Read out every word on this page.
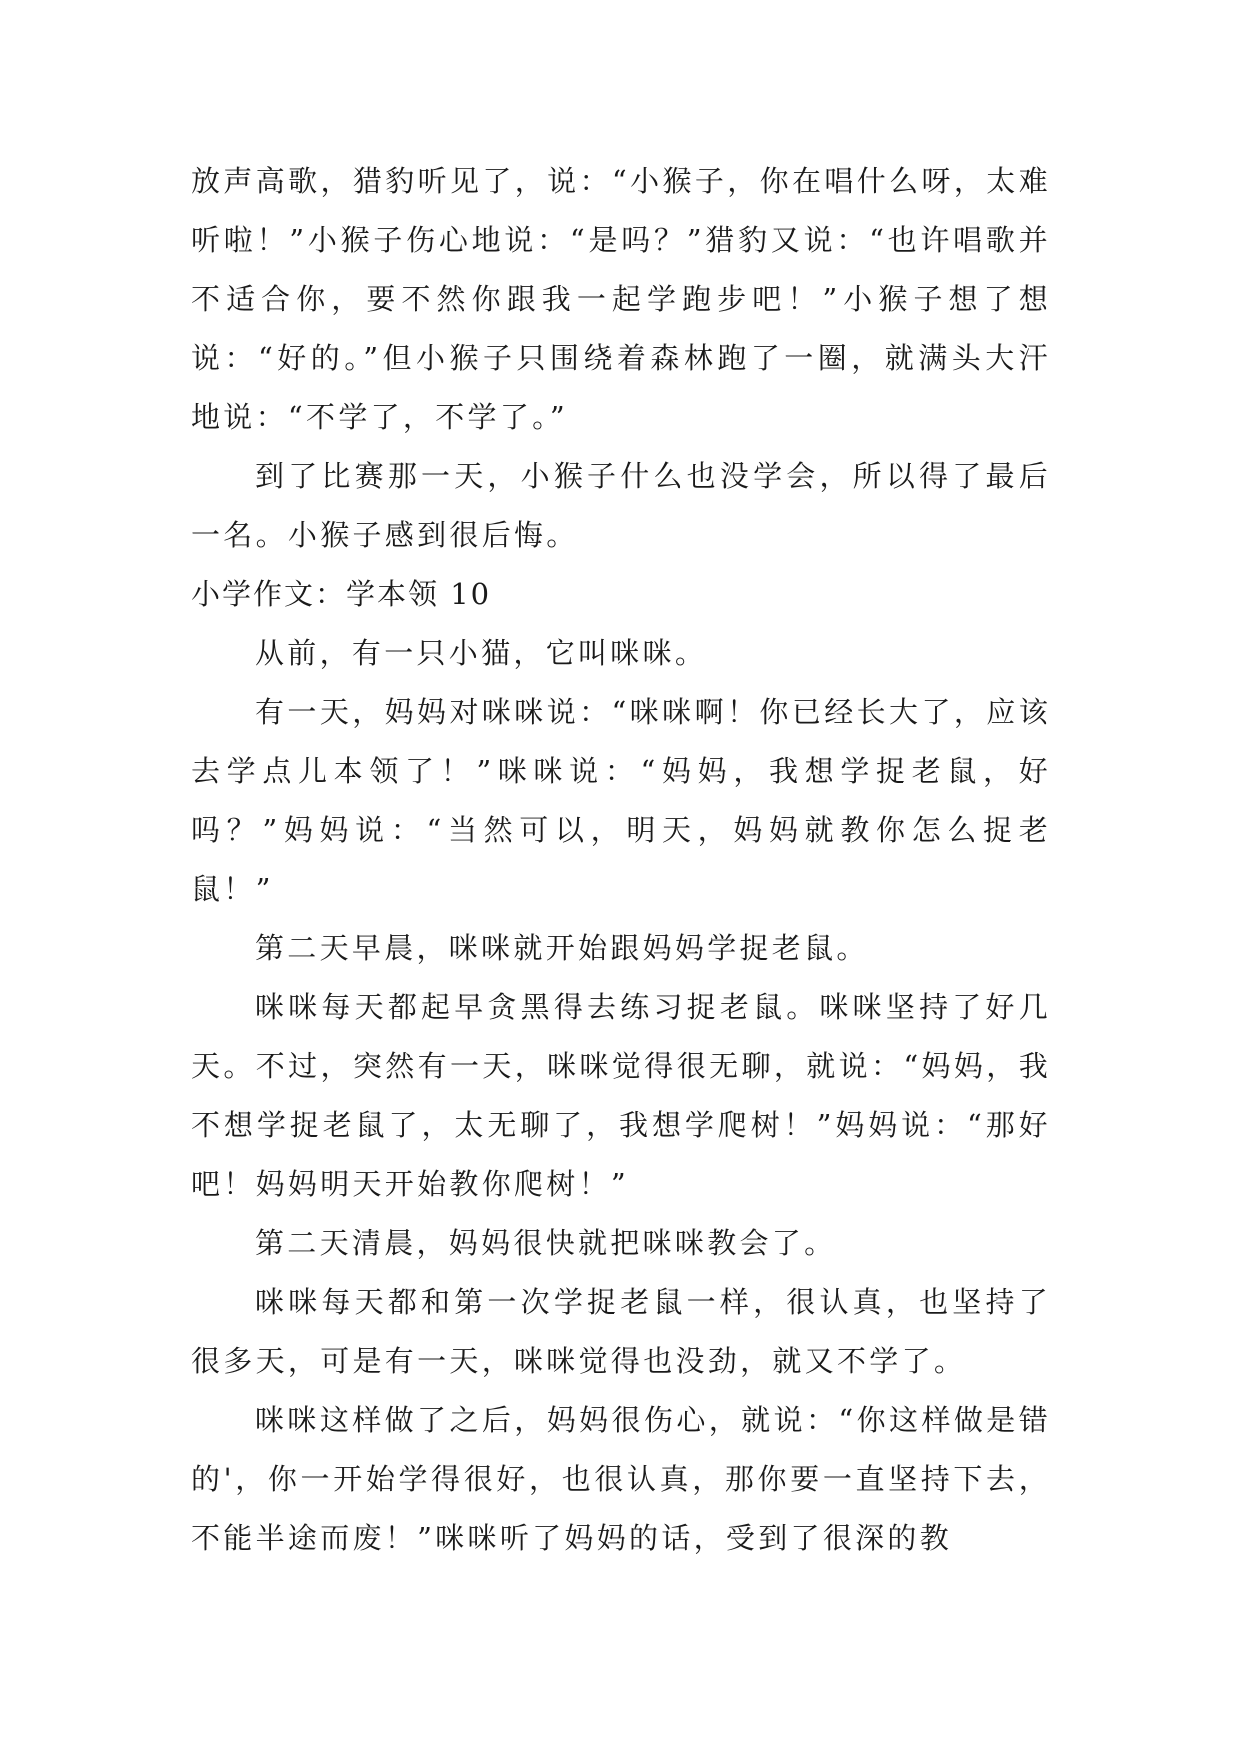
放声高歌，猎豹听见了，说：“小猴子，你在唱什么呀，太难听啦！”小猴子伤心地说：“是吗？”猎豹又说：“也许唱歌并不适合你，要不然你跟我一起学跑步吧！”小猴子想了想说：“好的。”但小猴子只围绕着森林跑了一圈，就满头大汗地说：“不学了，不学了。”

到了比赛那一天，小猴子什么也没学会，所以得了最后一名。小猴子感到很后悔。

小学作文：学本领 10

从前，有一只小猫，它叫咪咪。

有一天，妈妈对咪咪说：“咪咪啊！你已经长大了，应该去学点儿本领了！”咪咪说：“妈妈，我想学捉老鼠，好吗？”妈妈说：“当然可以，明天，妈妈就教你怎么捉老鼠！”

第二天早晨，咪咪就开始跟妈妈学捉老鼠。

咪咪每天都起早贪黑得去练习捉老鼠。咪咪坚持了好几天。不过，突然有一天，咪咪觉得很无聊，就说：“妈妈，我不想学捉老鼠了，太无聊了，我想学爬树！”妈妈说：“那好吧！妈妈明天开始教你爬树！”

第二天清晨，妈妈很快就把咪咪教会了。

咪咪每天都和第一次学捉老鼠一样，很认真，也坚持了很多天，可是有一天，咪咪觉得也没劲，就又不学了。

咪咪这样做了之后，妈妈很伤心，就说：“你这样做是错的'，你一开始学得很好，也很认真，那你要一直坚持下去，不能半途而废！”咪咪听了妈妈的话，受到了很深的教
